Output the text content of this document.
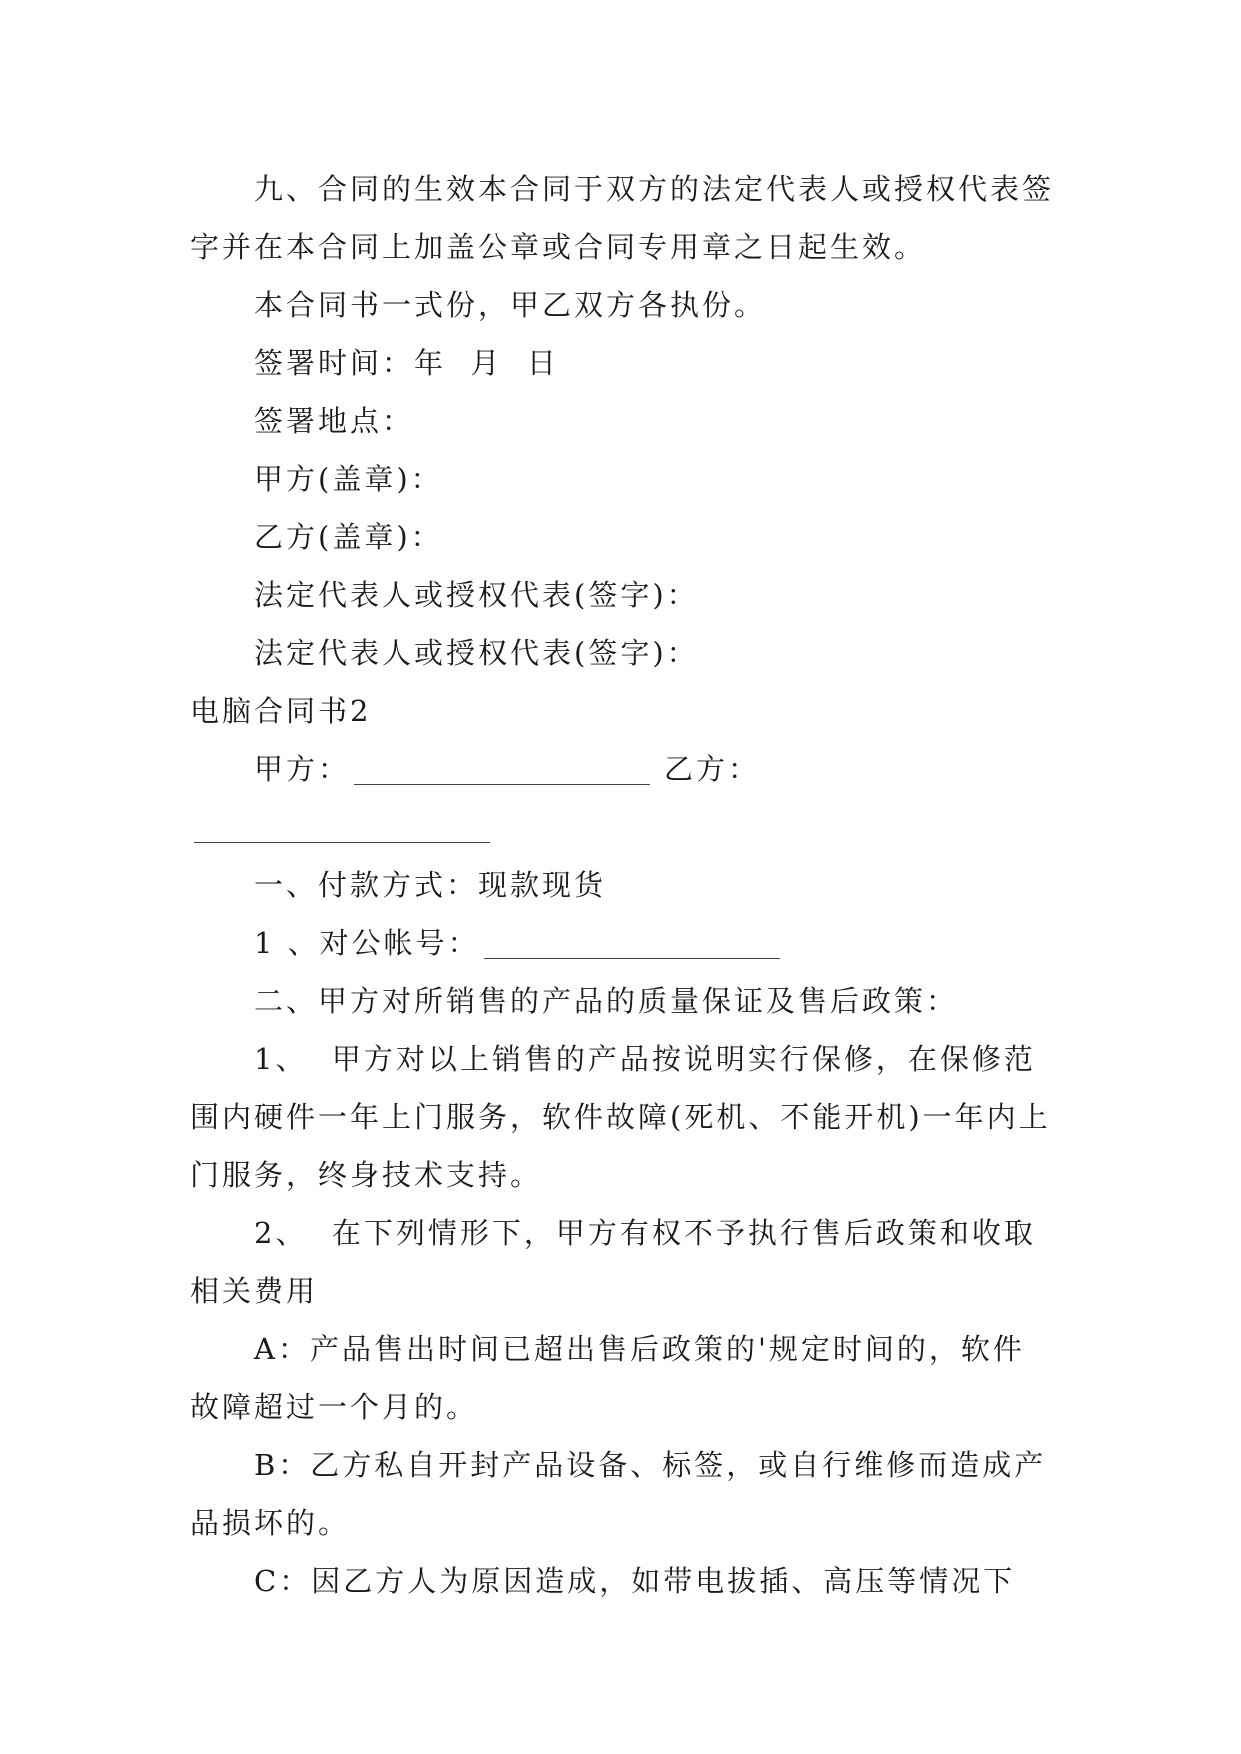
九、合同的生效本合同于双方的法定代表人或授权代表签字并在本合同上加盖公章或合同专用章之日起生效。

本合同书一式份，甲乙双方各执份。

签署时间：年  月  日

签署地点：

甲方(盖章)：

乙方(盖章)：

法定代表人或授权代表(签字)：

法定代表人或授权代表(签字)：

电脑合同书2

甲方：	乙方：

一、付款方式：现款现货

1 、对公帐号：

二、甲方对所销售的产品的质量保证及售后政策：

1、  甲方对以上销售的产品按说明实行保修，在保修范围内硬件一年上门服务，软件故障(死机、不能开机)一年内上门服务，终身技术支持。

2、  在下列情形下，甲方有权不予执行售后政策和收取相关费用

A：产品售出时间已超出售后政策的'规定时间的，软件故障超过一个月的。

B：乙方私自开封产品设备、标签，或自行维修而造成产品损坏的。

C：因乙方人为原因造成，如带电拔插、高压等情况下
